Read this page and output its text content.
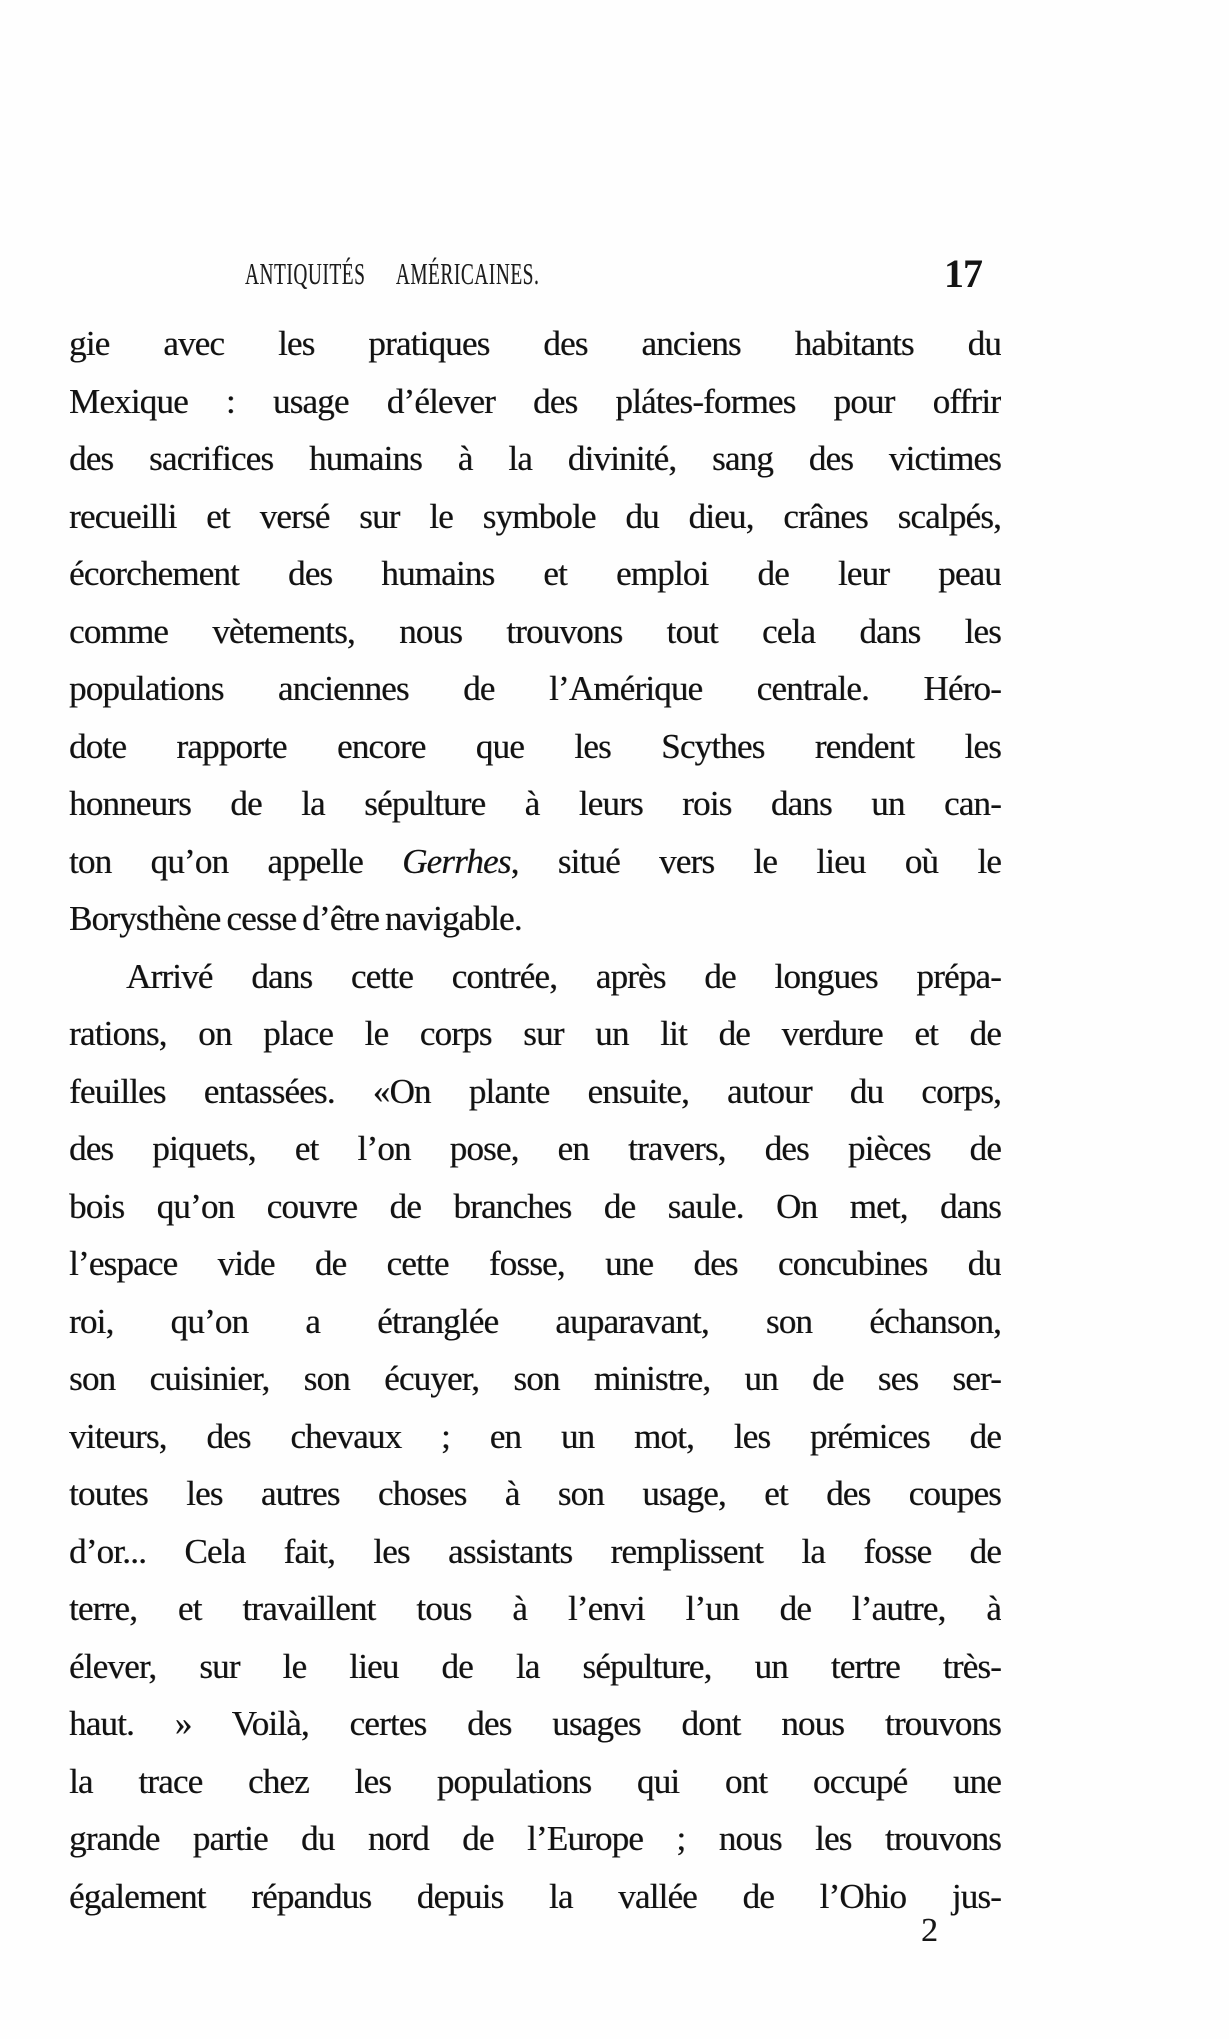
ANTIQUITÉS AMÉRICAINES.	17
gie avec les pratiques des anciens habitants du
Mexique : usage d’élever des plátes-formes pour offrir
des sacrifices humains à la divinité, sang des victimes
recueilli et versé sur le symbole du dieu, crânes scalpés,
écorchement des humains et emploi de leur peau
comme vètements, nous trouvons tout cela dans les
populations anciennes de l’Amérique centrale. Héro-
dote rapporte encore que les Scythes rendent les
honneurs de la sépulture à leurs rois dans un can-
ton qu’on appelle Gerrhes, situé vers le lieu où le
Borysthène cesse d’être navigable.
Arrivé dans cette contrée, après de longues prépa-
rations, on place le corps sur un lit de verdure et de
feuilles entassées. «On plante ensuite, autour du corps,
des piquets, et l’on pose, en travers, des pièces de
bois qu’on couvre de branches de saule. On met, dans
l’espace vide de cette fosse, une des concubines du
roi, qu’on a étranglée auparavant, son échanson,
son cuisinier, son écuyer, son ministre, un de ses ser-
viteurs, des chevaux ; en un mot, les prémices de
toutes les autres choses à son usage, et des coupes
d’or... Cela fait, les assistants remplissent la fosse de
terre, et travaillent tous à l’envi l’un de l’autre, à
élever, sur le lieu de la sépulture, un tertre très-
haut. » Voilà, certes des usages dont nous trouvons
la trace chez les populations qui ont occupé une
grande partie du nord de l’Europe ; nous les trouvons
également répandus depuis la vallée de l’Ohio jus-
2
